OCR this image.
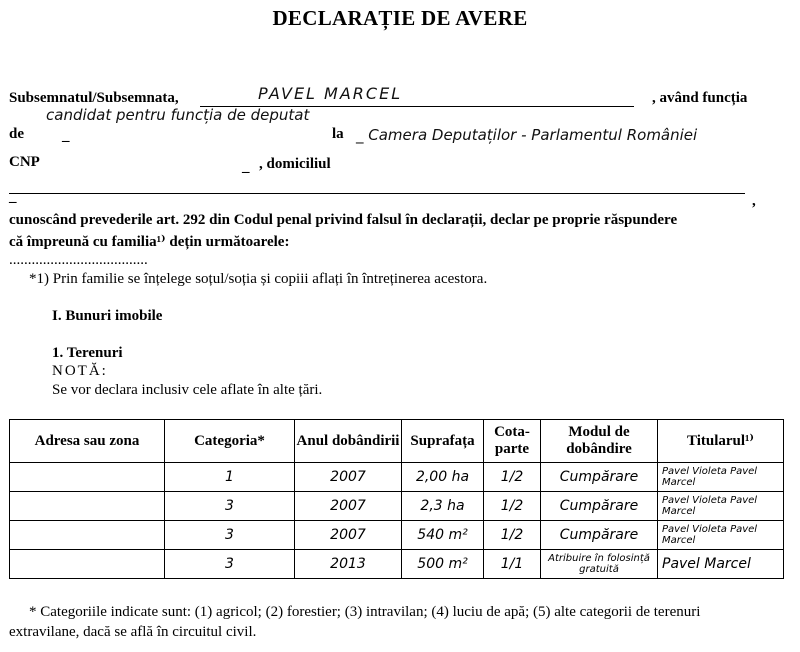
DECLARAȚIE DE AVERE
Subsemnatul/Subsemnata,	PAVEL MARCEL	, având funcția
candidat pentru funcția de deputat
de	_	la _ Camera Deputaților - Parlamentul României
CNP	_ , domiciliul
_	,
cunoscând prevederile art. 292 din Codul penal privind falsul în declarații, declar pe proprie răspundere
că împreună cu familia¹⁾ dețin următoarele:
.....................................
*1) Prin familie se înțelege soțul/soția și copiii aflați în întreținerea acestora.
I. Bunuri imobile
1. Terenuri
NOTĂ:
Se vor declara inclusiv cele aflate în alte țări.
Adresa sau zona	Categoria*	Anul dobândirii	Suprafața	Cota-parte	Modul de dobândire	Titularul¹⁾
	1	2007	2,00 ha	1/2	Cumpărare	Pavel Violeta Pavel Marcel
	3	2007	2,3 ha	1/2	Cumpărare	Pavel Violeta Pavel Marcel
	3	2007	540 m²	1/2	Cumpărare	Pavel Violeta Pavel Marcel
	3	2013	500 m²	1/1	Atribuire în folosință gratuită	Pavel Marcel
* Categoriile indicate sunt: (1) agricol; (2) forestier; (3) intravilan; (4) luciu de apă; (5) alte categorii de terenuri
extravilane, dacă se află în circuitul civil.
